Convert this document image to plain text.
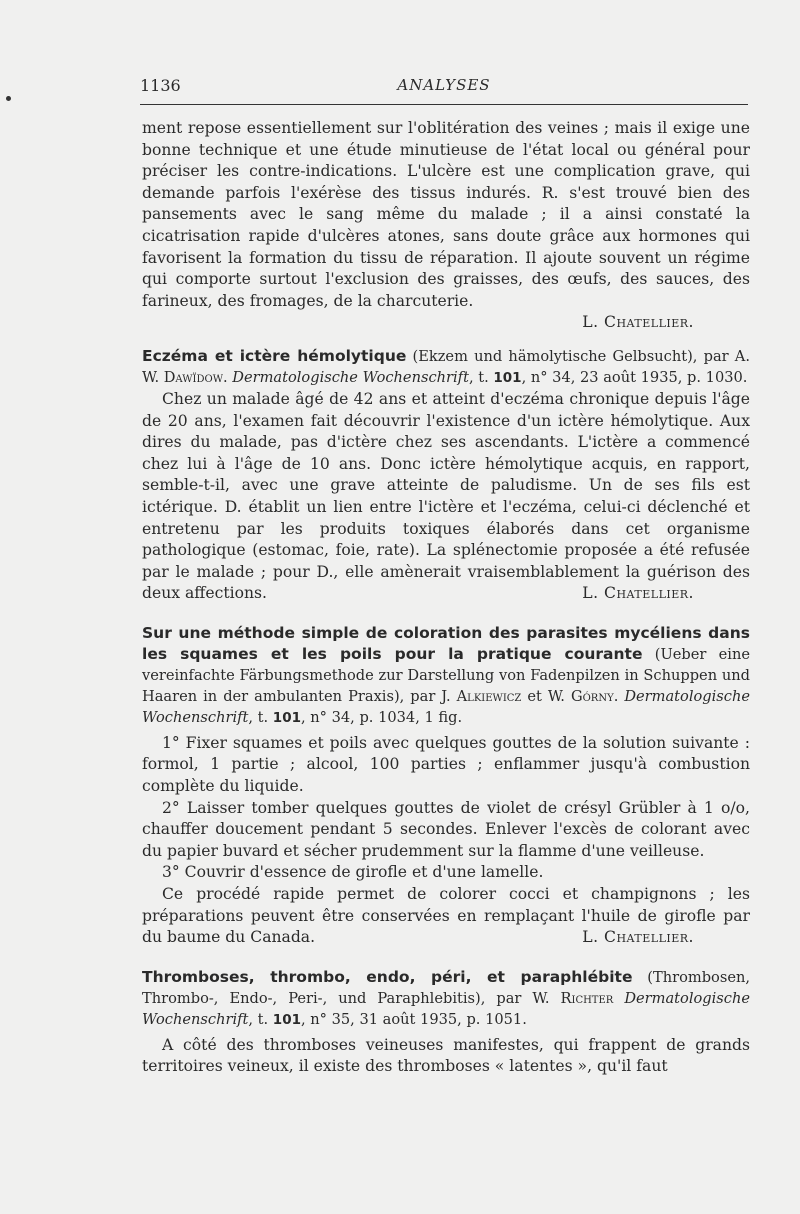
1136	ANALYSES

ment repose essentiellement sur l'oblitération des veines ; mais il exige une bonne technique et une étude minutieuse de l'état local ou général pour préciser les contre-indications. L'ulcère est une complication grave, qui demande parfois l'exérèse des tissus indurés. R. s'est trouvé bien des pansements avec le sang même du malade ; il a ainsi constaté la cicatrisation rapide d'ulcères atones, sans doute grâce aux hormones qui favorisent la formation du tissu de réparation. Il ajoute souvent un régime qui comporte surtout l'exclusion des graisses, des œufs, des sauces, des farineux, des fromages, de la charcuterie.

L. Chatellier.

Eczéma et ictère hémolytique (Ekzem und hämolytische Gelbsucht), par A. W. Dawïdow. Dermatologische Wochenschrift, t. 101, n° 34, 23 août 1935, p. 1030.

Chez un malade âgé de 42 ans et atteint d'eczéma chronique depuis l'âge de 20 ans, l'examen fait découvrir l'existence d'un ictère hémolytique. Aux dires du malade, pas d'ictère chez ses ascendants. L'ictère a commencé chez lui à l'âge de 10 ans. Donc ictère hémolytique acquis, en rapport, semble-t-il, avec une grave atteinte de paludisme. Un de ses fils est ictérique. D. établit un lien entre l'ictère et l'eczéma, celui-ci déclenché et entretenu par les produits toxiques élaborés dans cet organisme pathologique (estomac, foie, rate). La splénectomie proposée a été refusée par le malade ; pour D., elle amènerait vraisemblablement la guérison des deux affections.	L. Chatellier.

Sur une méthode simple de coloration des parasites mycéliens dans les squames et les poils pour la pratique courante (Ueber eine vereinfachte Färbungsmethode zur Darstellung von Fadenpilzen in Schuppen und Haaren in der ambulanten Praxis), par J. Alkiewicz et W. Górny. Dermatologische Wochenschrift, t. 101, n° 34, p. 1034, 1 fig.

1° Fixer squames et poils avec quelques gouttes de la solution suivante : formol, 1 partie ; alcool, 100 parties ; enflammer jusqu'à combustion complète du liquide.

2° Laisser tomber quelques gouttes de violet de crésyl Grübler à 1 o/o, chauffer doucement pendant 5 secondes. Enlever l'excès de colorant avec du papier buvard et sécher prudemment sur la flamme d'une veilleuse.

3° Couvrir d'essence de girofle et d'une lamelle.

Ce procédé rapide permet de colorer cocci et champignons ; les préparations peuvent être conservées en remplaçant l'huile de girofle par du baume du Canada.	L. Chatellier.

Thromboses, thrombo, endo, péri, et paraphlébite (Thrombosen, Thrombo-, Endo-, Peri-, und Paraphlebitis), par W. Richter Dermatologische Wochenschrift, t. 101, n° 35, 31 août 1935, p. 1051.

A côté des thromboses veineuses manifestes, qui frappent de grands territoires veineux, il existe des thromboses « latentes », qu'il faut
